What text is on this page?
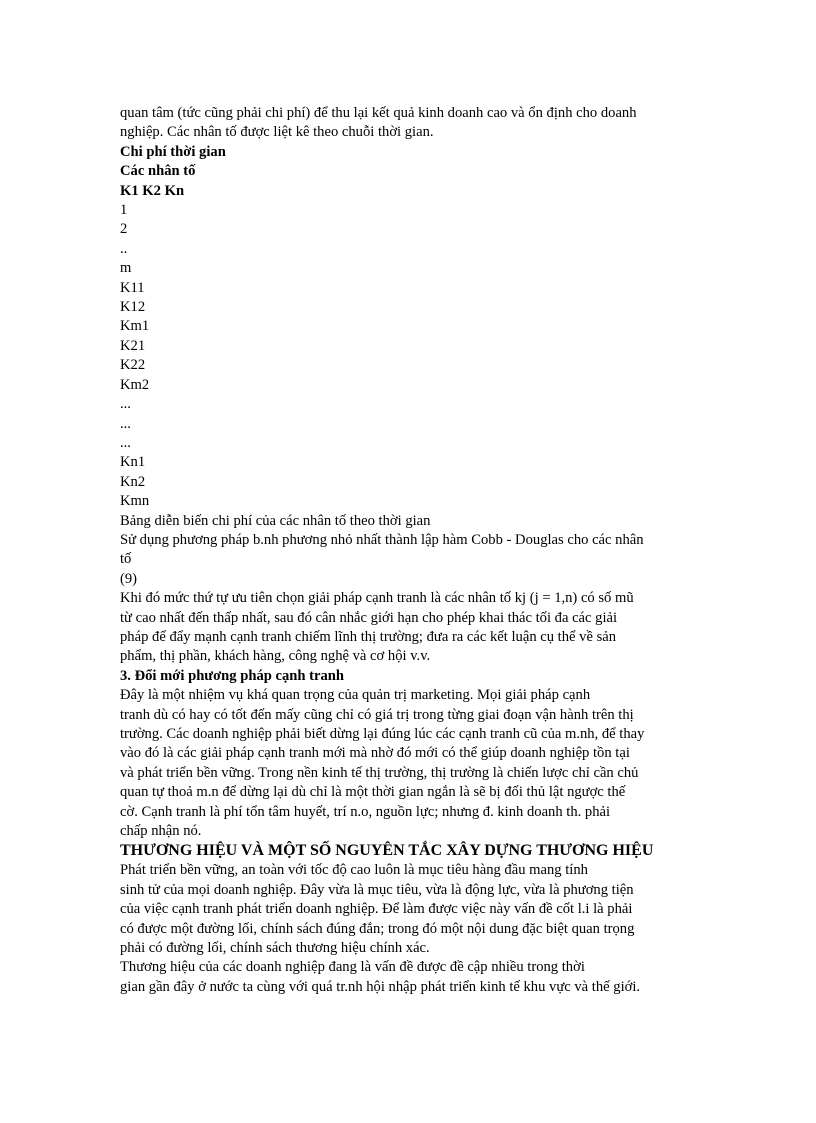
quan tâm (tức cũng phải chi phí) để thu lại kết quả kinh doanh cao và ổn định cho doanh
nghiệp. Các nhân tố được liệt kê theo chuỗi thời gian.
Chi phí thời gian
Các nhân tố
K1 K2 Kn
1
2
..
m
K11
K12
Km1
K21
K22
Km2
...
...
...
Kn1
Kn2
Kmn
Bảng diễn biến chi phí của các nhân tố theo thời gian
Sử dụng phương pháp b.nh phương nhỏ nhất thành lập hàm Cobb - Douglas cho các nhân
tố
(9)
Khi đó mức thứ tự ưu tiên chọn giải pháp cạnh tranh là các nhân tố kj (j = 1,n) có số mũ
từ cao nhất đến thấp nhất, sau đó cân nhắc giới hạn cho phép khai thác tối đa các giải
pháp để đẩy mạnh cạnh tranh chiếm lĩnh thị trường; đưa ra các kết luận cụ thể về sản
phẩm, thị phần, khách hàng, công nghệ và cơ hội v.v.
3. Đổi mới phương pháp cạnh tranh
Đây là một nhiệm vụ khá quan trọng của quản trị marketing. Mọi giải pháp cạnh
tranh dù có hay có tốt đến mấy cũng chỉ có giá trị trong từng giai đoạn vận hành trên thị
trường. Các doanh nghiệp phải biết dừng lại đúng lúc các cạnh tranh cũ của m.nh, để thay
vào đó là các giải pháp cạnh tranh mới mà nhờ đó mới có thể giúp doanh nghiệp tồn tại
và phát triển bền vững. Trong nền kinh tế thị trường, thị trường là chiến lược chỉ cần chủ
quan tự thoả m.n để dừng lại dù chỉ là một thời gian ngắn là sẽ bị đối thủ lật ngược thế
cờ. Cạnh tranh là phí tổn tâm huyết, trí n.o, nguồn lực; nhưng đ. kinh doanh th. phải
chấp nhận nó.
THƯƠNG HIỆU VÀ MỘT SỐ NGUYÊN TẮC XÂY DỰNG THƯƠNG HIỆU
Phát triển bền vững, an toàn với tốc độ cao luôn là mục tiêu hàng đầu mang tính
sinh tử của mọi doanh nghiệp. Đây vừa là mục tiêu, vừa là động lực, vừa là phương tiện
của việc cạnh tranh phát triển doanh nghiệp. Để làm được việc này vấn đề cốt l.i là phải
có được một đường lối, chính sách đúng đắn; trong đó một nội dung đặc biệt quan trọng
phải có đường lối, chính sách thương hiệu chính xác.
Thương hiệu của các doanh nghiệp đang là vấn đề được đề cập nhiều trong thời
gian gần đây ở nước ta cùng với quá tr.nh hội nhập phát triển kinh tế khu vực và thế giới.
